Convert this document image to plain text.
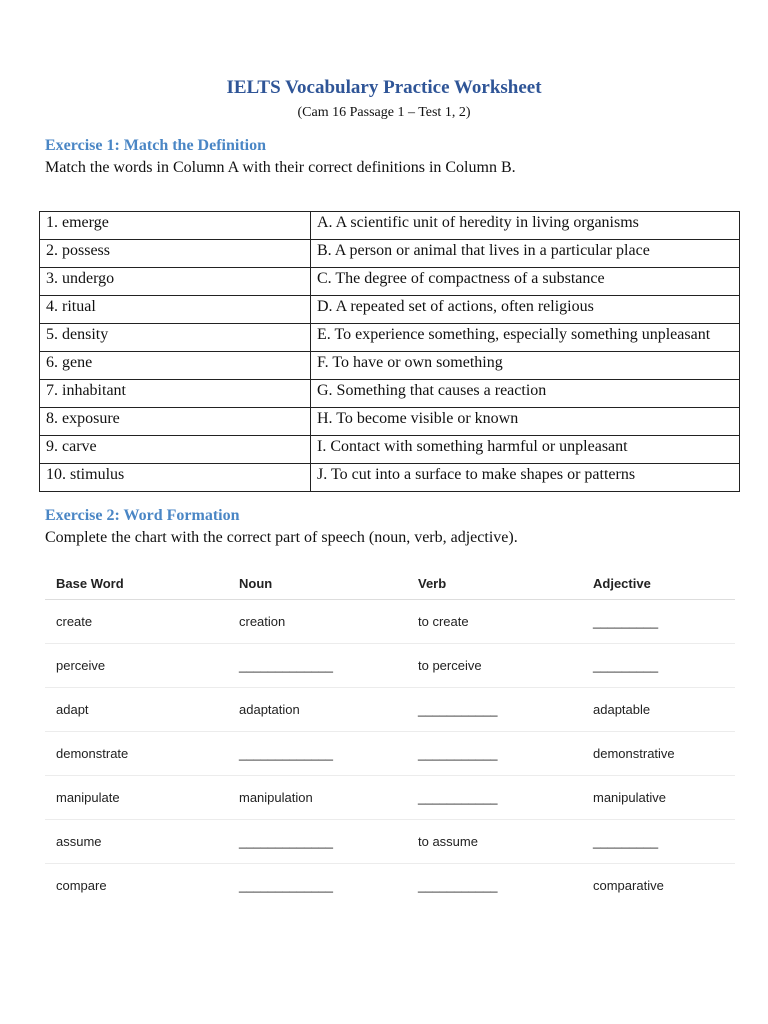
IELTS Vocabulary Practice Worksheet
(Cam 16 Passage 1 – Test 1, 2)
Exercise 1: Match the Definition
Match the words in Column A with their correct definitions in Column B.
1. emerge	A. A scientific unit of heredity in living organisms
2. possess	B. A person or animal that lives in a particular place
3. undergo	C. The degree of compactness of a substance
4. ritual	D. A repeated set of actions, often religious
5. density	E. To experience something, especially something unpleasant
6. gene	F. To have or own something
7. inhabitant	G. Something that causes a reaction
8. exposure	H. To become visible or known
9. carve	I. Contact with something harmful or unpleasant
10. stimulus	J. To cut into a surface to make shapes or patterns
Exercise 2: Word Formation
Complete the chart with the correct part of speech (noun, verb, adjective).
Base Word	Noun	Verb	Adjective
create	creation	to create	_________
perceive	_____________	to perceive	_________
adapt	adaptation	___________	adaptable
demonstrate	_____________	___________	demonstrative
manipulate	manipulation	___________	manipulative
assume	_____________	to assume	_________
compare	_____________	___________	comparative
